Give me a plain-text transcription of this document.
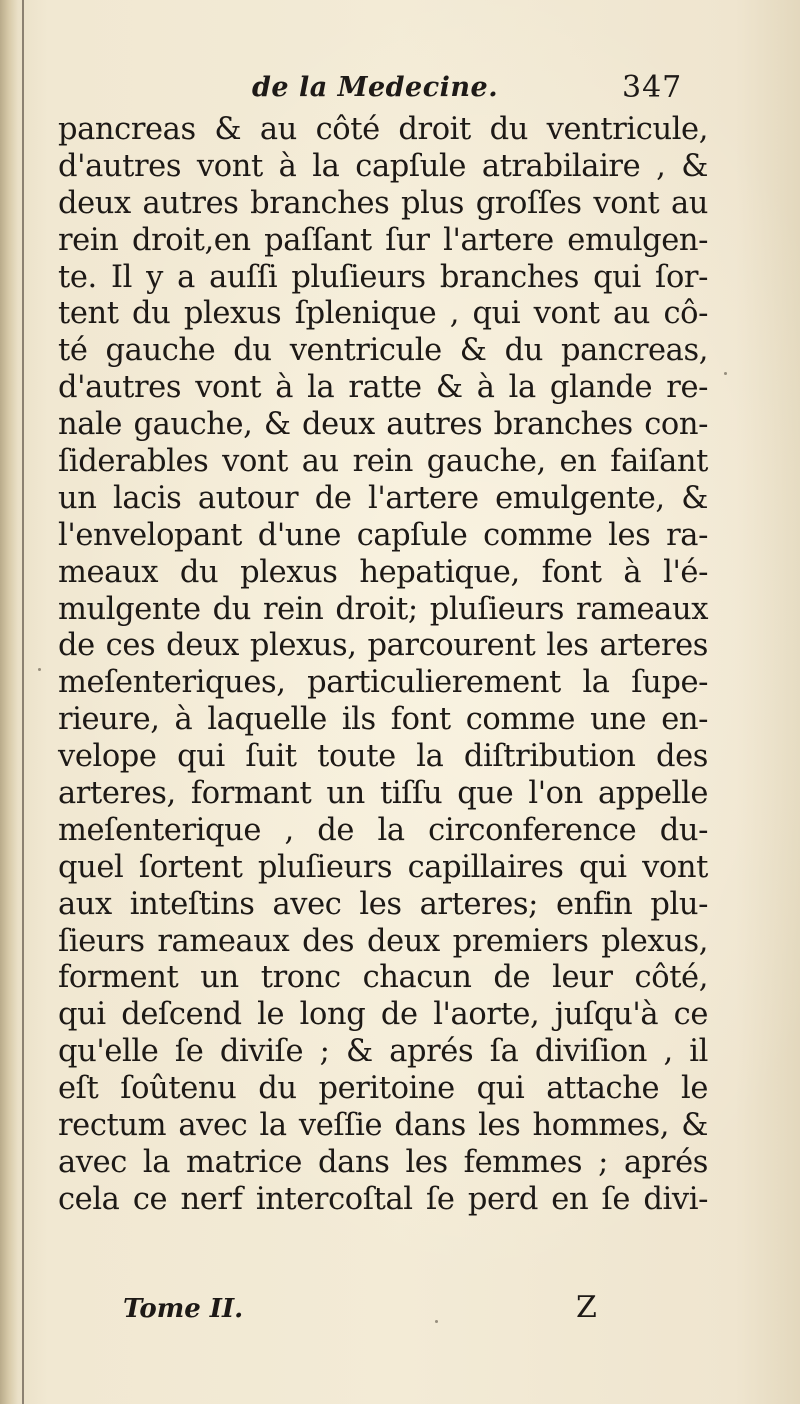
de la Medecine.	347
pancreas & au côté droit du ventricule,
d'autres vont à la capſule atrabilaire , &
deux autres branches plus groſſes vont au
rein droit,en paſſant ſur l'artere emulgen-
te. Il y a auſſi pluſieurs branches qui ſor-
tent du plexus ſplenique , qui vont au cô-
té gauche du ventricule & du pancreas,
d'autres vont à la ratte & à la glande re-
nale gauche, & deux autres branches con-
ſiderables vont au rein gauche, en faiſant
un lacis autour de l'artere emulgente, &
l'envelopant d'une capſule comme les ra-
meaux du plexus hepatique, font à l'é-
mulgente du rein droit; pluſieurs rameaux
de ces deux plexus, parcourent les arteres
meſenteriques, particulierement la ſupe-
rieure, à laquelle ils font comme une en-
velope qui ſuit toute la diſtribution des
arteres, formant un tiſſu que l'on appelle
meſenterique , de la circonference du-
quel ſortent pluſieurs capillaires qui vont
aux inteſtins avec les arteres; enfin plu-
ſieurs rameaux des deux premiers plexus,
forment un tronc chacun de leur côté,
qui deſcend le long de l'aorte, juſqu'à ce
qu'elle ſe diviſe ; & aprés ſa diviſion , il
eſt ſoûtenu du peritoine qui attache le
rectum avec la veſſie dans les hommes, &
avec la matrice dans les femmes ; aprés
cela ce nerf intercoſtal ſe perd en ſe divi-
Tome II.	Z
